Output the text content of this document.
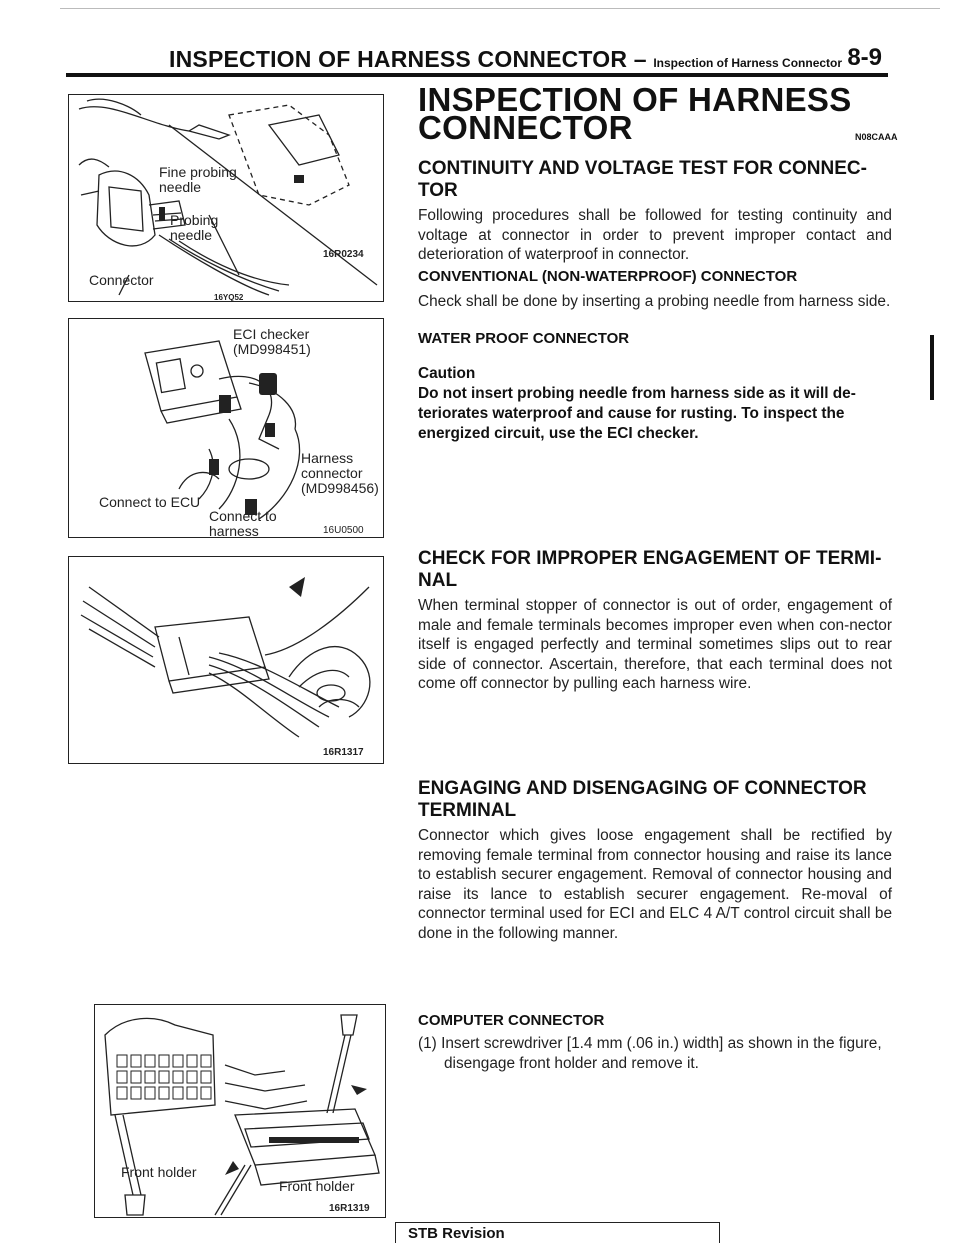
INSPECTION OF HARNESS CONNECTOR – Inspection of Harness Connector 8-9
Fine probing
needle
Probing
needle
Connector
16R0234
16YQ52
ECI checker
(MD998451)
Harness
connector
(MD998456)
Connect to ECU
Connect to
harness	16U0500
16R1317
Front holder
Front holder
16R1319
INSPECTION OF HARNESS
CONNECTOR	N08CAAA
CONTINUITY AND VOLTAGE TEST FOR CONNEC-
TOR
Following procedures shall be followed for testing continuity and voltage at connector in order to prevent improper contact and deterioration of waterproof in connector.
CONVENTIONAL (NON-WATERPROOF) CONNECTOR
Check shall be done by inserting a probing needle from harness side.
WATER PROOF CONNECTOR
Caution
Do not insert probing needle from harness side as it will de-teriorates waterproof and cause for rusting. To inspect the energized circuit, use the ECI checker.
CHECK FOR IMPROPER ENGAGEMENT OF TERMI-
NAL
When terminal stopper of connector is out of order, engagement of male and female terminals becomes improper even when con-nector itself is engaged perfectly and terminal sometimes slips out to rear side of connector. Ascertain, therefore, that each terminal does not come off connector by pulling each harness wire.
ENGAGING AND DISENGAGING OF CONNECTOR
TERMINAL
Connector which gives loose engagement shall be rectified by removing female terminal from connector housing and raise its lance to establish securer engagement. Removal of connector housing and raise its lance to establish securer engagement. Re-moval of connector terminal used for ECI and ELC 4 A/T control circuit shall be done in the following manner.
COMPUTER CONNECTOR
(1) Insert screwdriver [1.4 mm (.06 in.) width] as shown in the figure, disengage front holder and remove it.
STB Revision
